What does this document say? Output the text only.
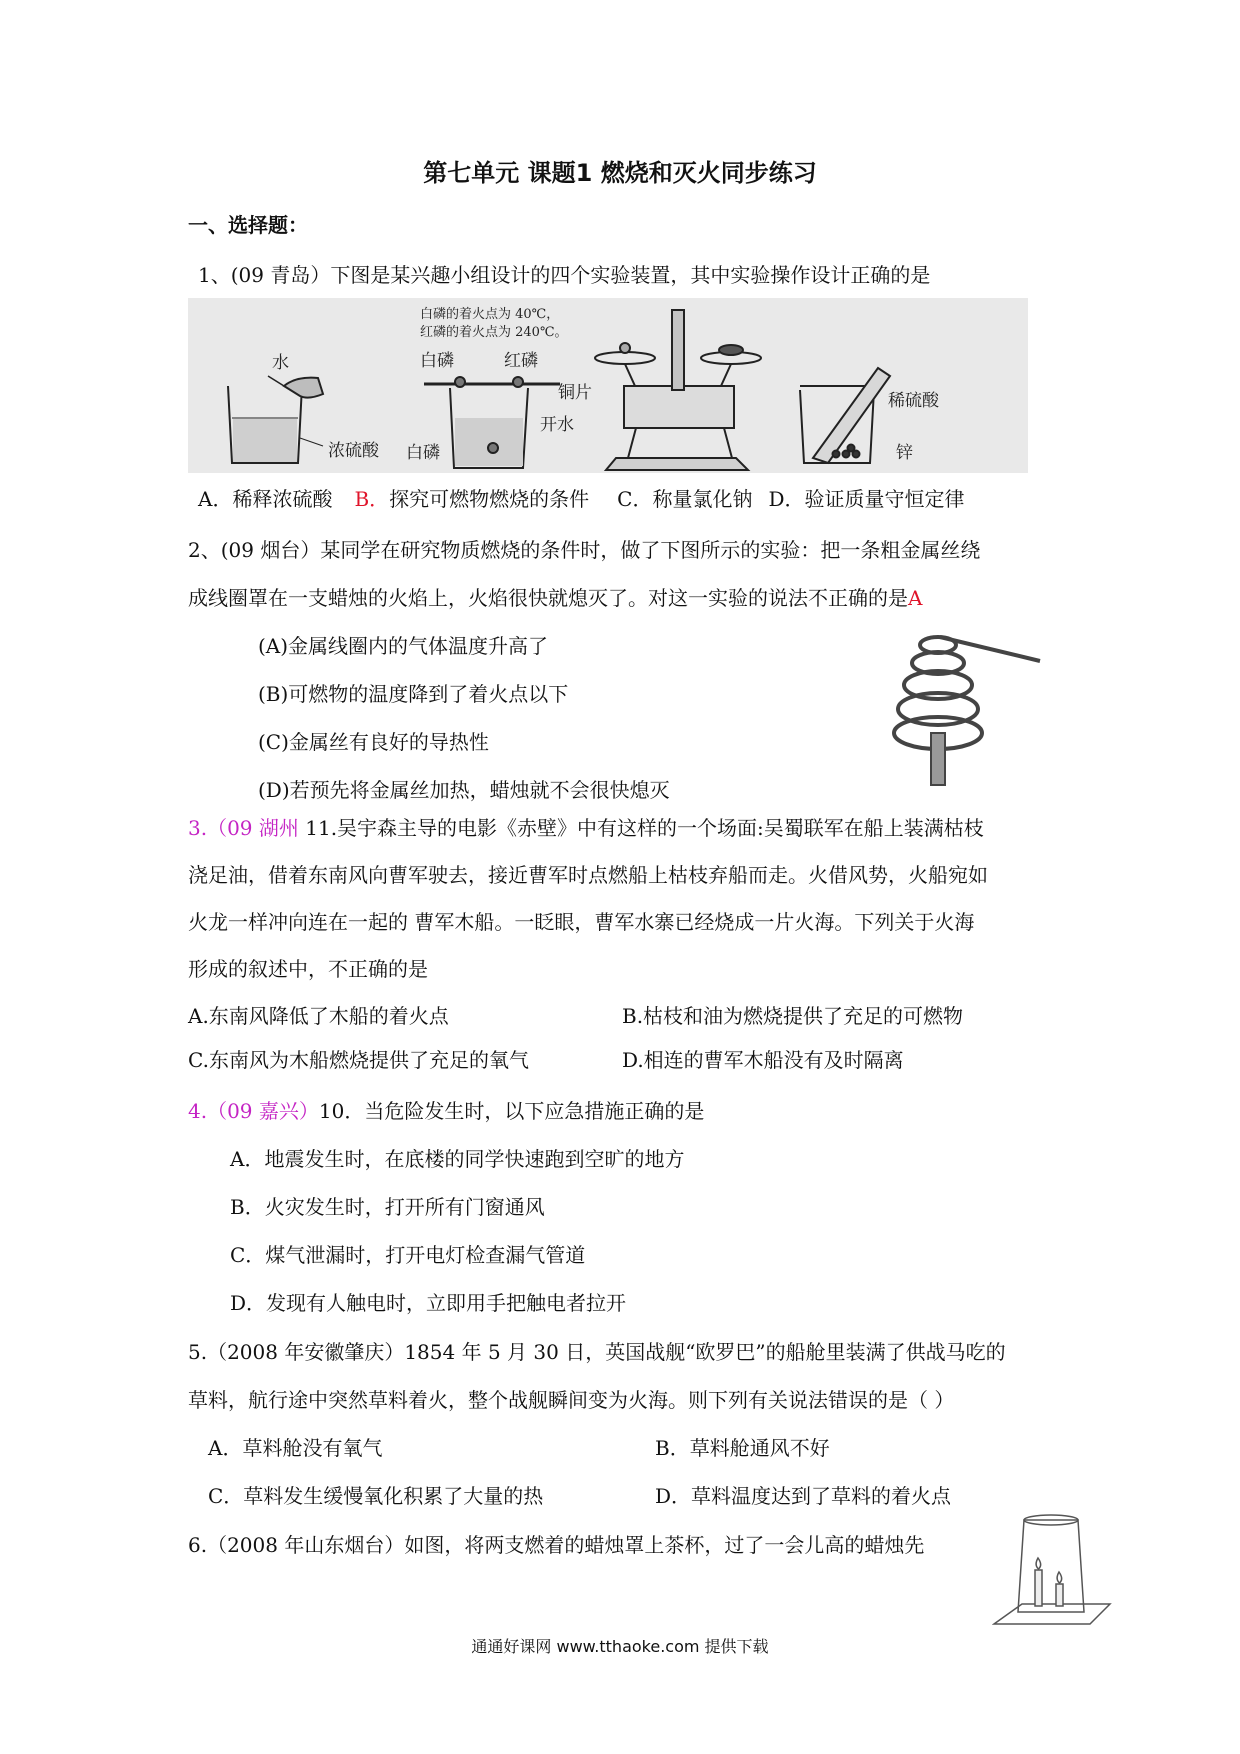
第七单元 课题1 燃烧和灭火同步练习
一、选择题：
1、(09 青岛）下图是某兴趣小组设计的四个实验装置，其中实验操作设计正确的是
水
浓硫酸
白磷的着火点为 40℃，
红磷的着火点为 240℃。
白磷	红磷
铜片
开水
白磷
稀硫酸
锌
A．稀释浓硫酸 B．探究可燃物燃烧的条件 C．称量氯化钠 D．验证质量守恒定律
2、(09 烟台）某同学在研究物质燃烧的条件时，做了下图所示的实验：把一条粗金属丝绕
成线圈罩在一支蜡烛的火焰上，火焰很快就熄灭了。对这一实验的说法不正确的是A
(A)金属线圈内的气体温度升高了
(B)可燃物的温度降到了着火点以下
(C)金属丝有良好的导热性
(D)若预先将金属丝加热，蜡烛就不会很快熄灭
3.（09 湖州 11.吴宇森主导的电影《赤壁》中有这样的一个场面:吴蜀联军在船上装满枯枝
浇足油，借着东南风向曹军驶去，接近曹军时点燃船上枯枝弃船而走。火借风势，火船宛如
火龙一样冲向连在一起的 曹军木船。一眨眼，曹军水寨已经烧成一片火海。下列关于火海
形成的叙述中，不正确的是
A.东南风降低了木船的着火点	B.枯枝和油为燃烧提供了充足的可燃物
C.东南风为木船燃烧提供了充足的氧气	D.相连的曹军木船没有及时隔离
4.（09 嘉兴）10．当危险发生时，以下应急措施正确的是
A．地震发生时，在底楼的同学快速跑到空旷的地方
B．火灾发生时，打开所有门窗通风
C．煤气泄漏时，打开电灯检查漏气管道
D．发现有人触电时，立即用手把触电者拉开
5.（2008 年安徽肇庆）1854 年 5 月 30 日，英国战舰“欧罗巴”的船舱里装满了供战马吃的
草料，航行途中突然草料着火，整个战舰瞬间变为火海。则下列有关说法错误的是（ ）
A．草料舱没有氧气	B．草料舱通风不好
C．草料发生缓慢氧化积累了大量的热	D．草料温度达到了草料的着火点
6.（2008 年山东烟台）如图，将两支燃着的蜡烛罩上茶杯，过了一会儿高的蜡烛先
通通好课网 www.tthaoke.com 提供下载
